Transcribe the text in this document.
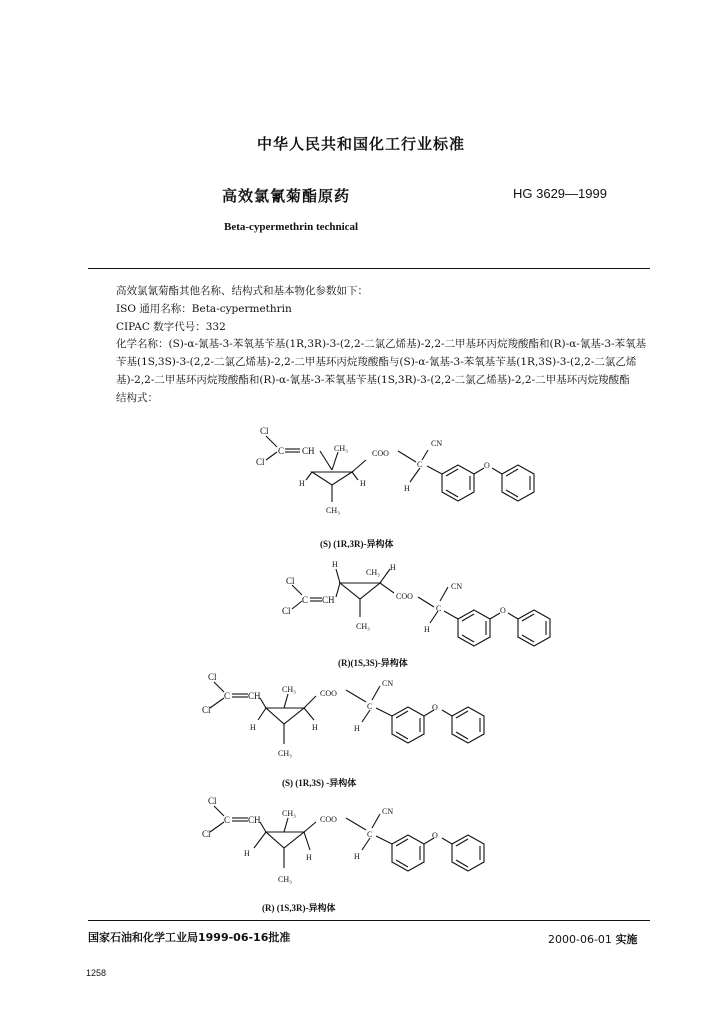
中华人民共和国化工行业标准
高效氯氰菊酯原药	HG 3629—1999
Beta-cypermethrin technical

高效氯氰菊酯其他名称、结构式和基本物化参数如下：

ISO 通用名称：Beta-cypermethrin

CIPAC 数字代号：332

化学名称：(S)-α-氰基-3-苯氧基苄基(1R,3R)-3-(2,2-二氯乙烯基)-2,2-二甲基环丙烷羧酸酯和(R)-α-氰基-3-苯氧基苄基(1S,3S)-3-(2,2-二氯乙烯基)-2,2-二甲基环丙烷羧酸酯与(S)-α-氰基-3-苯氧基苄基(1R,3S)-3-(2,2-二氯乙烯基)-2,2-二甲基环丙烷羧酸酯和(R)-α-氰基-3-苯氧基苄基(1S,3R)-3-(2,2-二氯乙烯基)-2,2-二甲基环丙烷羧酸酯

结构式：

Cl
Cl
C CH CH₃
CH₃
H	H
COO
CN
C
H
O
(S) (1R,3R)-异构体
Cl
Cl
C CH
H	H
CH₃
CH₃
COO
CN
C
H
O
(R)(1S,3S)-异构体
Cl
Cl
C CH
CH₃
CH₃
H	H
COO
CN
C
H
O
(S) (1R,3S) -异构体
Cl
Cl
C CH
CH₃
CH₃
H	H
COO
CN
C
H
O
(R) (1S,3R)-异构体
国家石油和化学工业局1999-06-16批准	2000-06-01 实施
1258
